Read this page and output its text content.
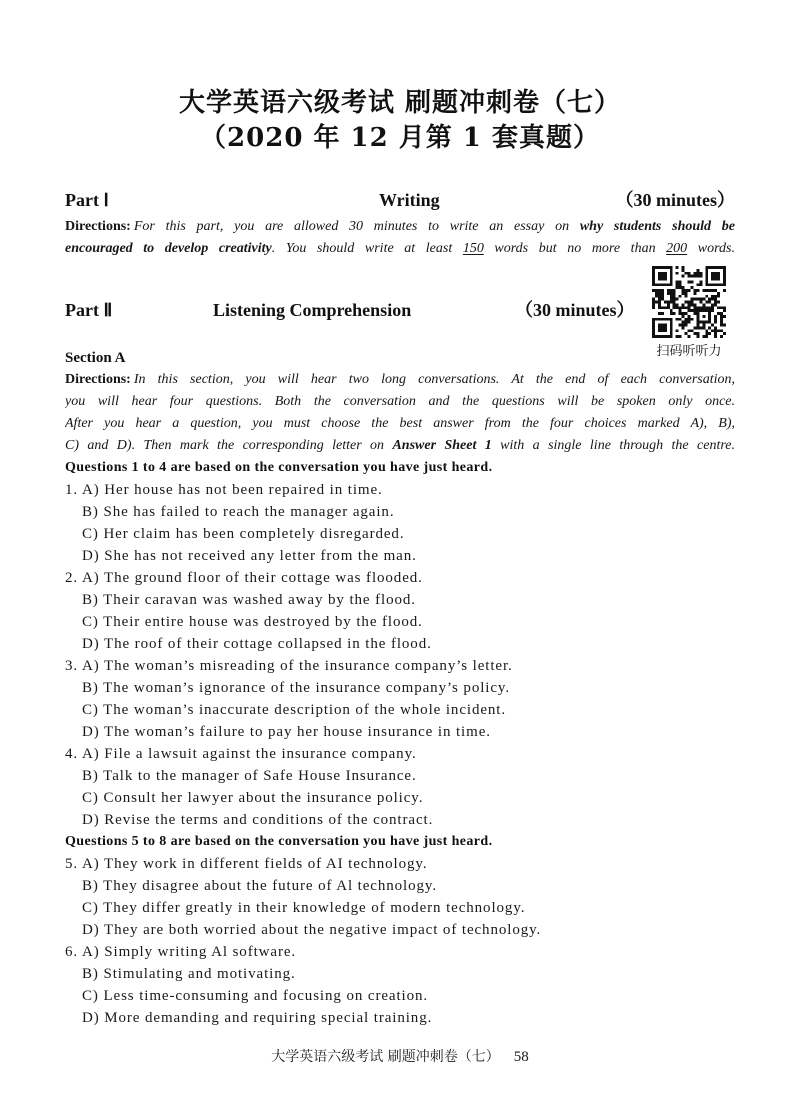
大学英语六级考试 刷题冲刺卷（七）
（2020 年 12 月第 1 套真题）
Part Ⅰ	Writing	（30 minutes）
Directions: For this part, you are allowed 30 minutes to write an essay on why students should be
encouraged to develop creativity. You should write at least 150 words but no more than 200 words.
扫码听听力
Part Ⅱ	Listening Comprehension	（30 minutes）
Section A
Directions: In this section, you will hear two long conversations. At the end of each conversation,
you will hear four questions. Both the conversation and the questions will be spoken only once.
After you hear a question, you must choose the best answer from the four choices marked A), B),
C) and D). Then mark the corresponding letter on Answer Sheet 1 with a single line through the centre.
Questions 1 to 4 are based on the conversation you have just heard.
1. A) Her house has not been repaired in time.
B) She has failed to reach the manager again.
C) Her claim has been completely disregarded.
D) She has not received any letter from the man.
2. A) The ground floor of their cottage was flooded.
B) Their caravan was washed away by the flood.
C) Their entire house was destroyed by the flood.
D) The roof of their cottage collapsed in the flood.
3. A) The woman’s misreading of the insurance company’s letter.
B) The woman’s ignorance of the insurance company’s policy.
C) The woman’s inaccurate description of the whole incident.
D) The woman’s failure to pay her house insurance in time.
4. A) File a lawsuit against the insurance company.
B) Talk to the manager of Safe House Insurance.
C) Consult her lawyer about the insurance policy.
D) Revise the terms and conditions of the contract.
Questions 5 to 8 are based on the conversation you have just heard.
5. A) They work in different fields of AI technology.
B) They disagree about the future of Al technology.
C) They differ greatly in their knowledge of modern technology.
D) They are both worried about the negative impact of technology.
6. A) Simply writing Al software.
B) Stimulating and motivating.
C) Less time-consuming and focusing on creation.
D) More demanding and requiring special training.
大学英语六级考试 刷题冲刺卷（七） 58
